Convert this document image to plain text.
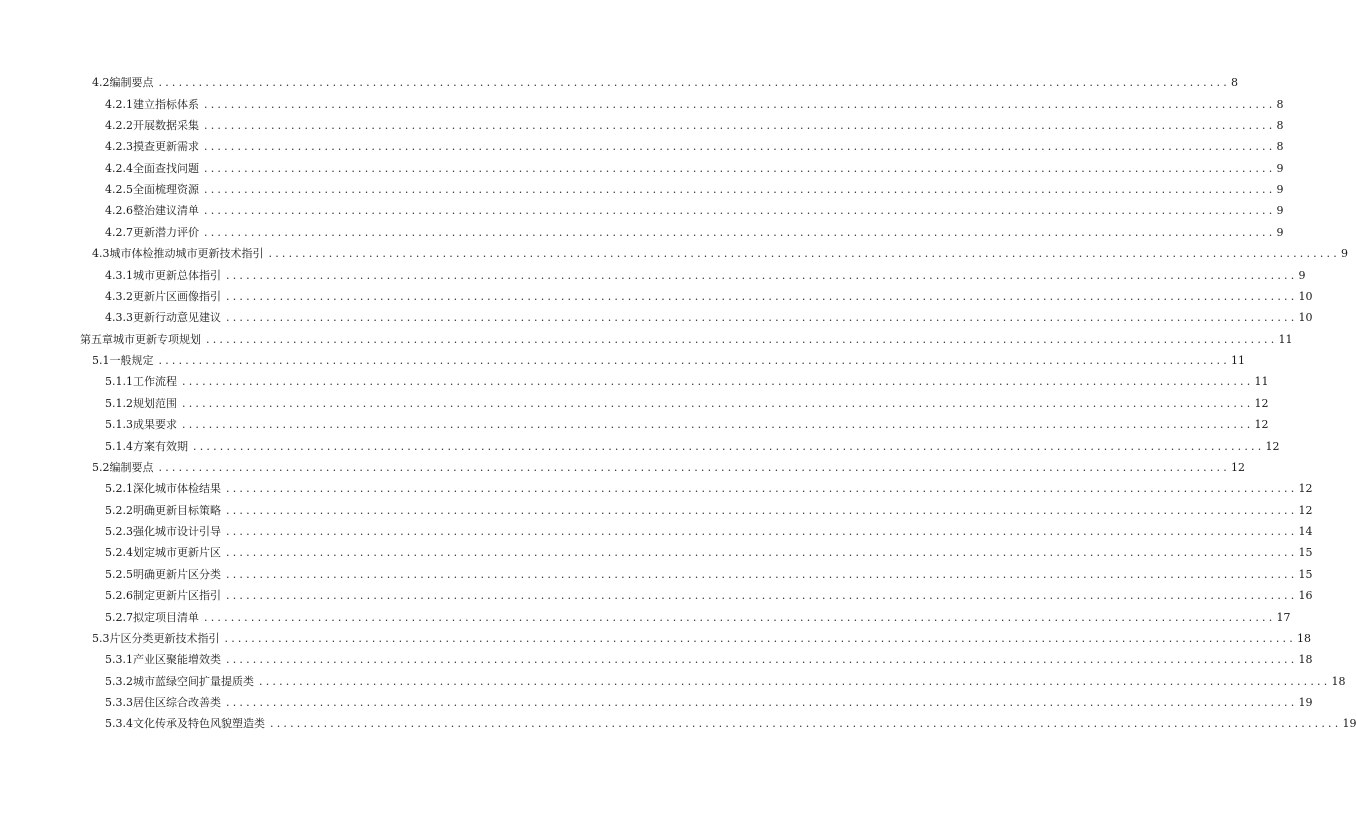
4.2 编制要点 ................................................................................................................................................................ 8
4.2.1 建立指标体系 ................................................................................................................................................................ 8
4.2.2 开展数据采集 ................................................................................................................................................................ 8
4.2.3 摸查更新需求 ................................................................................................................................................................ 8
4.2.4 全面查找问题 ................................................................................................................................................................ 9
4.2.5 全面梳理资源 ................................................................................................................................................................ 9
4.2.6 整治建议清单 ................................................................................................................................................................ 9
4.2.7 更新潜力评价 ................................................................................................................................................................ 9
4.3 城市体检推动城市更新技术指引 ................................................................................................................................................................ 9
4.3.1 城市更新总体指引 ................................................................................................................................................................ 9
4.3.2 更新片区画像指引 ................................................................................................................................................................ 10
4.3.3 更新行动意见建议 ................................................................................................................................................................ 10
第五章 城市更新专项规划 ................................................................................................................................................................ 11
5.1 一般规定 ................................................................................................................................................................ 11
5.1.1 工作流程 ................................................................................................................................................................ 11
5.1.2 规划范围 ................................................................................................................................................................ 12
5.1.3 成果要求 ................................................................................................................................................................ 12
5.1.4 方案有效期 ................................................................................................................................................................ 12
5.2 编制要点 ................................................................................................................................................................ 12
5.2.1 深化城市体检结果 ................................................................................................................................................................ 12
5.2.2 明确更新目标策略 ................................................................................................................................................................ 12
5.2.3 强化城市设计引导 ................................................................................................................................................................ 14
5.2.4 划定城市更新片区 ................................................................................................................................................................ 15
5.2.5 明确更新片区分类 ................................................................................................................................................................ 15
5.2.6 制定更新片区指引 ................................................................................................................................................................ 16
5.2.7 拟定项目清单 ................................................................................................................................................................ 17
5.3 片区分类更新技术指引 ................................................................................................................................................................ 18
5.3.1 产业区聚能增效类 ................................................................................................................................................................ 18
5.3.2 城市蓝绿空间扩量提质类 ................................................................................................................................................................ 18
5.3.3 居住区综合改善类 ................................................................................................................................................................ 19
5.3.4 文化传承及特色风貌塑造类 ................................................................................................................................................................ 19
